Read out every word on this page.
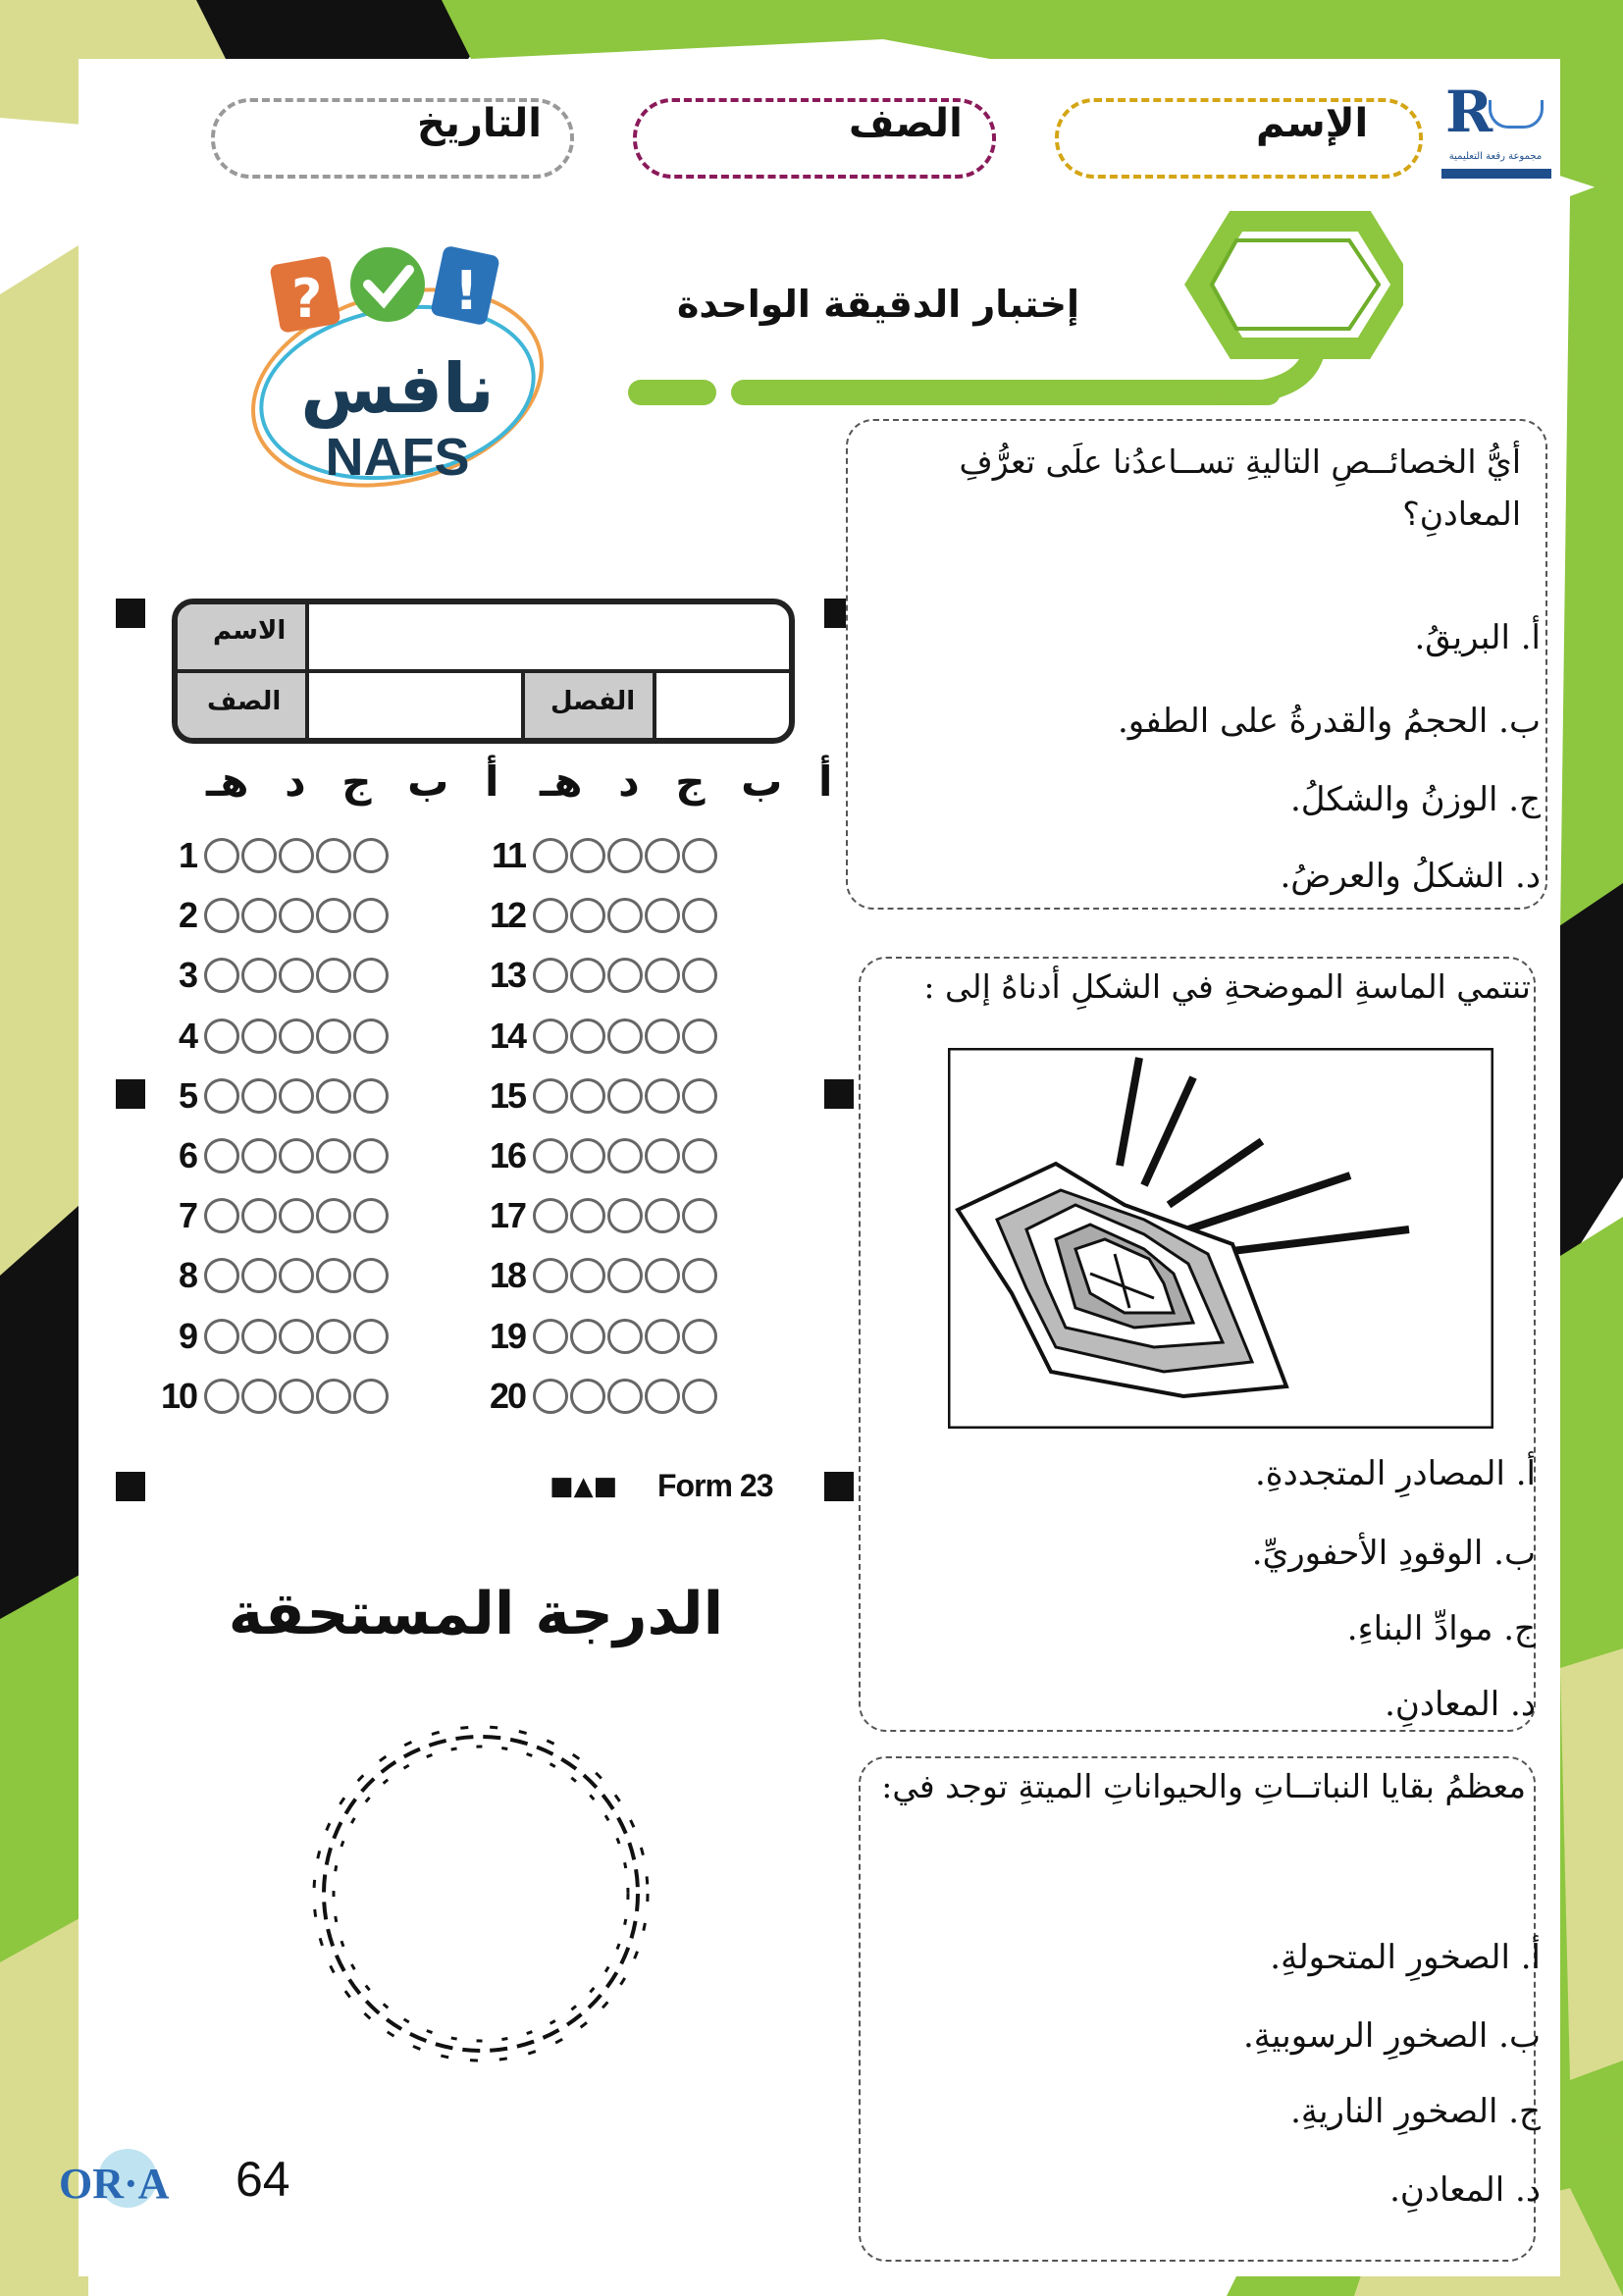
الإسم
الصف
التاريخ	R
مجموعة رقعة التعليمية
إختبار الدقيقة الواحدة
? !
نافس
NAFS
الاسم
الصف	الفصل
أ ب ج د هـ أ ب ج د هـ
1
2
3
4
5
6
7
8
9
10
11
12
13
14
15
16
17
18
19
20
■▲■ Form 23
الدرجة المستحقة
OR·A 64
أيُّ الخصائــصِ التاليةِ تســاعدُنا علَى تعرُّفِ المعادنِ؟
أ. البريقُ.
ب. الحجمُ والقدرةُ على الطفو.
ج. الوزنُ والشكلُ.
د. الشكلُ والعرضُ.
تنتمي الماسةِ الموضحةِ في الشكلِ أدناهُ إلى :
أ. المصادرِ المتجددةِ.
ب. الوقودِ الأحفوريِّ.
ج. موادِّ البناءِ.
د. المعادنِ.
معظمُ بقايا النباتــاتِ والحيواناتِ الميتةِ توجد في:
أ. الصخورِ المتحولةِ.
ب. الصخورِ الرسوبيةِ.
ج. الصخورِ الناريةِ.
د. المعادنِ.
